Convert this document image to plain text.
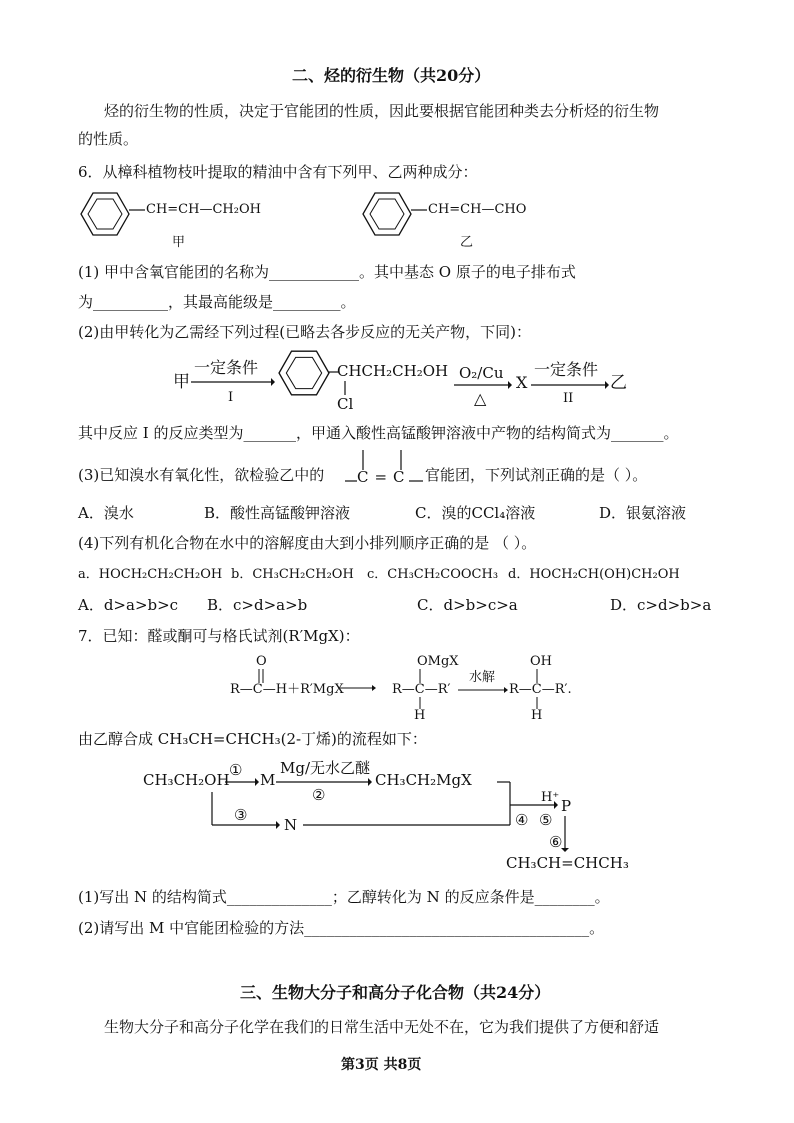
二、烃的衍生物（共20分）
烃的衍生物的性质，决定于官能团的性质，因此要根据官能团种类去分析烃的衍生物
的性质。
6．从樟科植物枝叶提取的精油中含有下列甲、乙两种成分：
CH=CH—CH₂OH
甲
CH=CH—CHO
乙
(1) 甲中含氧官能团的名称为____________。其中基态 O 原子的电子排布式
为__________，其最高能级是_________。
(2)由甲转化为乙需经下列过程(已略去各步反应的无关产物，下同)：
甲
一定条件
I
CHCH₂CH₂OH
Cl
O₂/Cu
△
X
一定条件
II
乙
其中反应 I 的反应类型为_______，甲通入酸性高锰酸钾溶液中产物的结构简式为_______。
(3)已知溴水有氧化性，欲检验乙中的 C=C 官能团，下列试剂正确的是（ ）。
A．溴水	B．酸性高锰酸钾溶液	C．溴的CCl₄溶液	D．银氨溶液
(4)下列有机化合物在水中的溶解度由大到小排列顺序正确的是 （ ）。
a．HOCH₂CH₂CH₂OH b．CH₃CH₂CH₂OH c．CH₃CH₂COOCH₃ d．HOCH₂CH(OH)CH₂OH
A．d>a>b>c B．c>d>a>b	C．d>b>c>a	D．c>d>b>a
7．已知：醛或酮可与格氏试剂(R′MgX)：
O
R—C—H＋R′MgX
OMgX
R—C—R′
H
水解
OH
R—C—R′.
H
由乙醇合成 CH₃CH=CHCH₃(2-丁烯)的流程如下：
CH₃CH₂OH
①
M
Mg/无水乙醚
②
CH₃CH₂MgX
③
N	④ ⑤
H⁺ P
⑥
CH₃CH=CHCH₃
(1)写出 N 的结构简式______________；乙醇转化为 N 的反应条件是________。
(2)请写出 M 中官能团检验的方法______________________________________。
三、生物大分子和高分子化合物（共24分）
生物大分子和高分子化学在我们的日常生活中无处不在，它为我们提供了方便和舒适
第3页 共8页
